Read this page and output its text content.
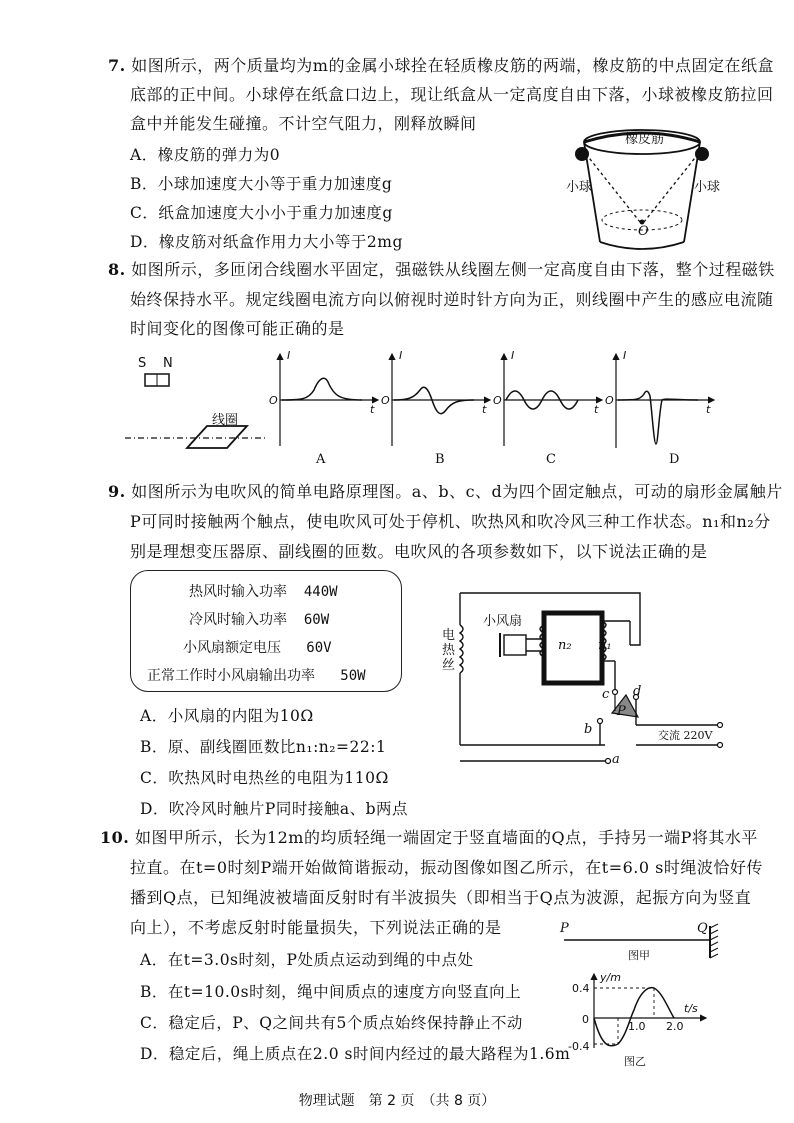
7. 如图所示，两个质量均为m的金属小球拴在轻质橡皮筋的两端，橡皮筋的中点固定在纸盒
底部的正中间。小球停在纸盒口边上，现让纸盒从一定高度自由下落，小球被橡皮筋拉回
盒中并能发生碰撞。不计空气阻力，刚释放瞬间
A．橡皮筋的弹力为0
B．小球加速度大小等于重力加速度g
C．纸盒加速度大小小于重力加速度g
D．橡皮筋对纸盒作用力大小等于2mg
橡皮筋
小球	小球
O
8. 如图所示，多匝闭合线圈水平固定，强磁铁从线圈左侧一定高度自由下落，整个过程磁铁
始终保持水平。规定线圈电流方向以俯视时逆时针方向为正，则线圈中产生的感应电流随
时间变化的图像可能正确的是
S N
线圈
I
O
t
I
O
t
I
O
t
I
O
t
A	B	C	D
9. 如图所示为电吹风的简单电路原理图。a、b、c、d为四个固定触点，可动的扇形金属触片
P可同时接触两个触点，使电吹风可处于停机、吹热风和吹冷风三种工作状态。n₁和n₂分
别是理想变压器原、副线圈的匝数。电吹风的各项参数如下，以下说法正确的是
热风时输入功率 440W
冷风时输入功率 60W
小风扇额定电压 60V
正常工作时小风扇输出功率 50W
A．小风扇的内阻为10Ω
B．原、副线圈匝数比n₁:n₂=22:1
C．吹热风时电热丝的电阻为110Ω
D．吹冷风时触片P同时接触a、b两点
小风扇
电热丝
n₂ n₁
c d
P
b
a
交流 220V
10. 如图甲所示，长为12m的均质轻绳一端固定于竖直墙面的Q点，手持另一端P将其水平
拉直。在t=0时刻P端开始做简谐振动，振动图像如图乙所示，在t=6.0 s时绳波恰好传
播到Q点，已知绳波被墙面反射时有半波损失（即相当于Q点为波源，起振方向为竖直
向上），不考虑反射时能量损失，下列说法正确的是
A．在t=3.0s时刻，P处质点运动到绳的中点处
B．在t=10.0s时刻，绳中间质点的速度方向竖直向上
C．稳定后，P、Q之间共有5个质点始终保持静止不动
D．稳定后，绳上质点在2.0 s时间内经过的最大路程为1.6m
P	Q
图甲
y/m
t/s
0.4
0
-0.4
1.0 2.0
图乙
物理试题　第 2 页　（共 8 页）
